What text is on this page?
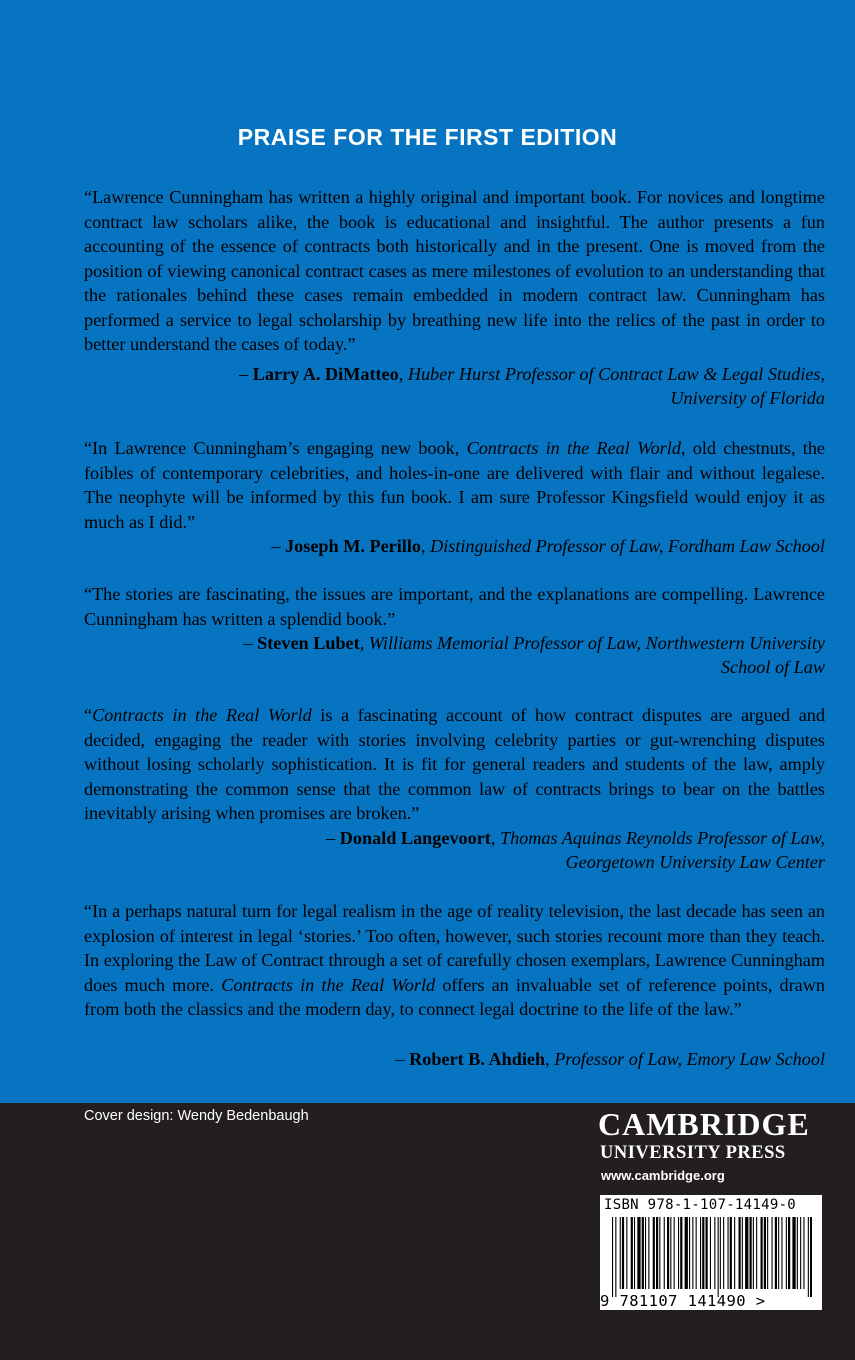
PRAISE FOR THE FIRST EDITION
“Lawrence Cunningham has written a highly original and important book. For novices and longtime contract law scholars alike, the book is educational and insightful. The author presents a fun accounting of the essence of contracts both historically and in the present. One is moved from the position of viewing canonical contract cases as mere milestones of evolution to an understanding that the rationales behind these cases remain embedded in modern contract law. Cunningham has performed a service to legal scholarship by breathing new life into the relics of the past in order to better understand the cases of today.”
– Larry A. DiMatteo, Huber Hurst Professor of Contract Law & Legal Studies,
University of Florida
“In Lawrence Cunningham’s engaging new book, Contracts in the Real World, old chestnuts, the foibles of contemporary celebrities, and holes-in-one are delivered with flair and without legalese. The neophyte will be informed by this fun book. I am sure Professor Kingsfield would enjoy it as much as I did.”
– Joseph M. Perillo, Distinguished Professor of Law, Fordham Law School
“The stories are fascinating, the issues are important, and the explanations are compelling. Lawrence Cunningham has written a splendid book.”
– Steven Lubet, Williams Memorial Professor of Law, Northwestern University
School of Law
“Contracts in the Real World is a fascinating account of how contract disputes are argued and decided, engaging the reader with stories involving celebrity parties or gut-wrenching disputes without losing scholarly sophistication. It is fit for general readers and students of the law, amply demonstrating the common sense that the common law of contracts brings to bear on the battles inevitably arising when promises are broken.”
– Donald Langevoort, Thomas Aquinas Reynolds Professor of Law,
Georgetown University Law Center
“In a perhaps natural turn for legal realism in the age of reality television, the last decade has seen an explosion of interest in legal ‘stories.’ Too often, however, such stories recount more than they teach. In exploring the Law of Contract through a set of carefully chosen exemplars, Lawrence Cunningham does much more. Contracts in the Real World offers an invaluable set of reference points, drawn from both the classics and the modern day, to connect legal doctrine to the life of the law.”
– Robert B. Ahdieh, Professor of Law, Emory Law School
Cover design: Wendy Bedenbaugh	CAMBRIDGE
UNIVERSITY PRESS
www.cambridge.org
ISBN 978-1-107-14149-0
9 781107 141490 >
